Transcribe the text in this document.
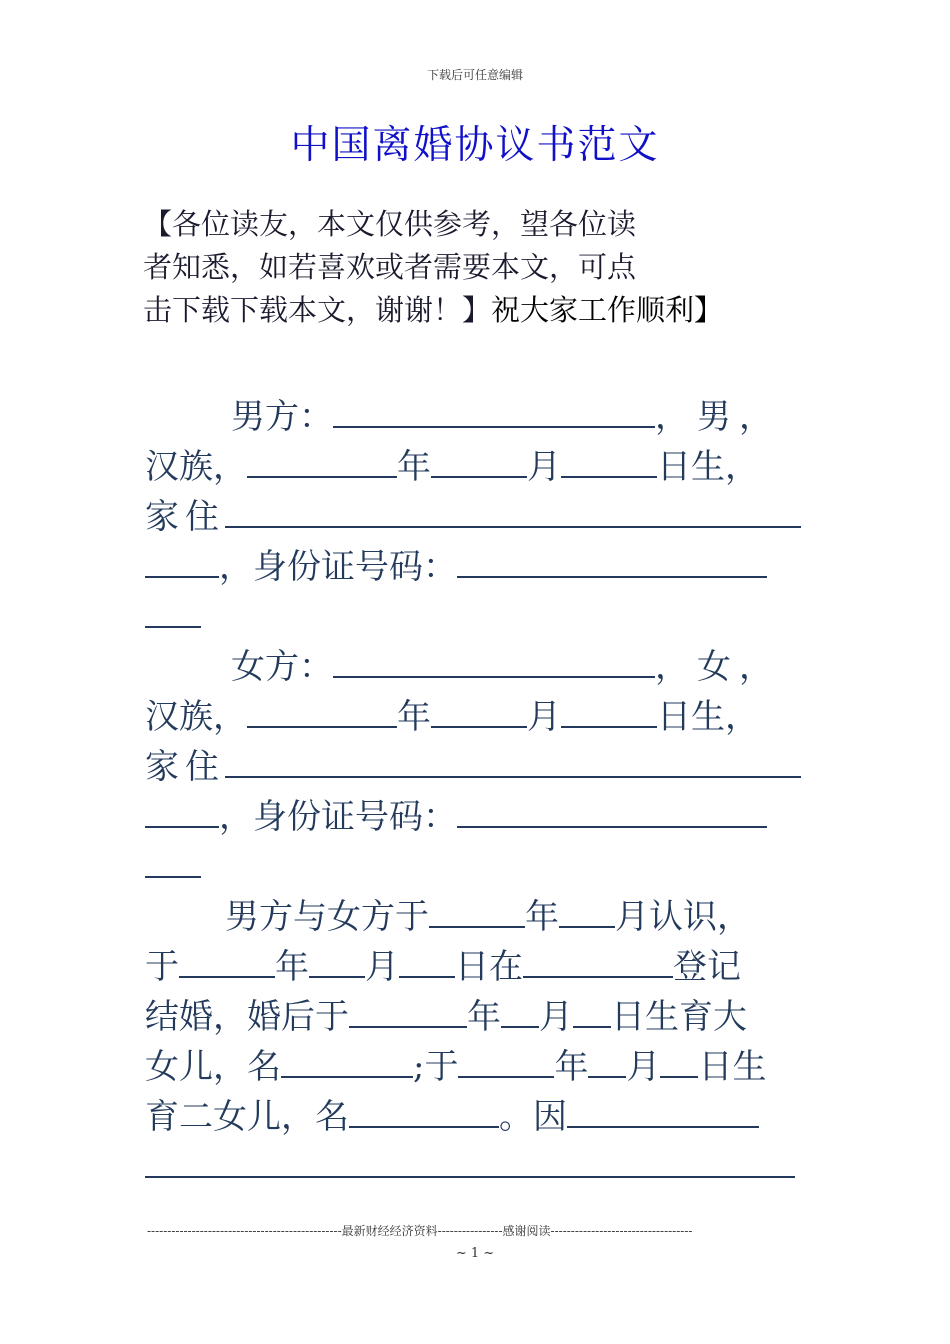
下载后可任意编辑
中国离婚协议书范文
【各位读友，本文仅供参考，望各位读
者知悉，如若喜欢或者需要本文，可点
击下载下载本文，谢谢！】祝大家工作顺利】
男方：	，男，
汉族，	年	月	日生，
家住
，身份证号码：
女方：	，女，
汉族，	年	月	日生，
家住
，身份证号码：
男方与女方于	年 月认识，
于	年 月 日在	登记
结婚，婚后于	年 月 日生育大
女儿，名	;于	年 月 日生
育二女儿，名	。因
------------------------------------------------最新财经经济资料----------------感谢阅读-----------------------------------
~ 1 ~
